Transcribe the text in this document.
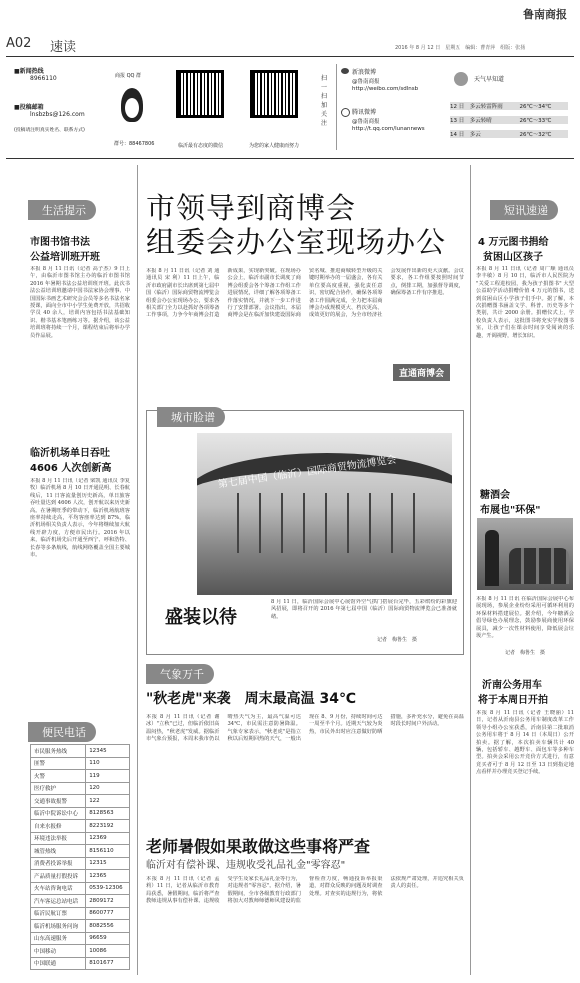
A02 速读
鲁南商报
2016 年 8 月 12 日　星期五　编辑：曹青萍　组版：张扬
■新闻热线
8966110
■投稿邮箱
lnsbzbs@126.com
(投稿请注明真实姓名、联系方式)
商报 QQ 群
群号：88467806	临沂最有态度的微信	为您的家人健康而努力
扫一扫 加关注
新浪微博
@鲁南商报
http://weibo.com/sdlnsb
腾讯微博
@鲁南商报
http://t.qq.com/lunannews
天气早知道
12 日 多云转雷阵雨	26℃～34℃
13 日 多云转晴	26℃～33℃
14 日 多云	26℃～32℃
生活提示
市图书馆书法
公益培训班开班
本报 8 月 11 日讯（记者 高子杰）9 日上午，由临沂市图书馆主办的临沂市图书馆 2016 年暑期书法公益培训班开班。此次书法公益培训班邀请中国书法家协会理事、中国国际书画艺术研究会会员等多名书法名家授课，面向全市中小学生免费开放，共招收学员 40 余人，培训内容包括书法基础知识、楷书基本笔画练习等。据介绍，该公益培训班将持续一个月，课程结束后将举办学员作品展。
临沂机场单日吞吐
4606 人次创新高
本报 8 月 11 日讯（记者 梁凯 通讯员 李复牧）临沂机场 8 月 10 日开通昆明、长春航线后，11 日客流量创历史新高，单日旅客吞吐量达到 4606 人次，创开航以来历史新高。在暑期旺季的带动下，临沂机场航班客座率持续走高，平均客座率达到 87%。临沂机场相关负责人表示，今年将继续加大航线开辟力度，方便市民出行。2016 年以来，临沂机场先后开通至西宁、呼和浩特、长春等多条航线，航线网络覆盖全国主要城市。
便民电话
市民服务热线	12345
匪警	110
火警	119
医疗救护	120
交通事故报警	122
临沂中院诉讼中心	8128563
自来水报修	8223192
环境违法举报	12369
城管热线	8156110
消费者投诉举报	12315
产品质量打假投诉	12365
火车站咨询电话	0539-12306
汽车客运总站电话	2809172
临沂民航订票	8600777
临沂机场服务问询	8082556
山东高速服务	96659
中国移动	10086
中国联通	8101677
市领导到商博会
组委会办公室现场办公
本报 8 月 11 日讯（记者 刘 通 通讯员 宋 利）11 日上午，临沂市政府副市长出席到第七届中国（临沂）国际商贸物流博览会组委会办公室现场办公，要求各相关部门全力以赴抓好各项筹备工作事项，力争今年商博会打造新成果，实现新突破。在现场办公会上，临沂市副市长调度了商博会组委会各个筹备工作组工作进展情况，详细了解各项筹备工作落实情况，并就下一步工作进行了安排部署。会议指出，本届商博会是在临沂加快建设国际商贸名城、推进商城转型升级的关键时期举办的一届盛会，各有关单位要高度重视，强化责任意识，密切配合协作，确保各项筹备工作圆满完成，全力把本届商博会办成规模更大、档次更高、成效更好的展会，为全市经济社会发展作出新的更大贡献。会议要求，各工作组要按照时间节点，倒排工期，加强督导调度，确保筹备工作有序推进。
直通商博会
城市脸谱
第七届中国（临沂）国际商贸物流博览会
盛装以待
8 月 11 日，临沂国际会展中心展馆外空气拱门搭展台完毕，五彩缤纷的彩旗迎风招展，即将召开的 2016 年第七届中国（临沂）国际商贸物流博览会已准备就绪。
记者　梅鲁生　摄
气象万千
"秋老虎"来袭　周末最高温 34℃
本报 8 月 11 日讯（记者 谢 冰）"立秋"已过，但临沂依旧高温闷热，"秋老虎"发威。据临沂市气象台预报，本周末我市仍以晴热天气为主，最高气温可达 34℃，市民需注意防暑降温。气象专家表示，"秋老虎"是指立秋以后短期回热的天气，一般出现在 8、9 月份，持续时间可达一周至半个月。近期天气较为炎热，市民外出时应注意做好防晒措施，多补充水分，避免在高温时段长时间户外活动。
老师暑假如果敢做这些事将严查
临沂对有偿补课、违规收受礼品礼金"零容忍"
本报 8 月 11 日讯（记者 孟 莉）11 日，记者从临沂市教育局获悉，暑假期间，临沂将严查教师违规从事有偿补课、违规收受学生及家长礼品礼金等行为，对违规者"零容忍"。据介绍，暑假期间，全市各级教育行政部门将加大对教师师德师风建设的监督检查力度，畅通投诉举报渠道，对群众反映的问题及时调查处理。对查实的违规行为，将依法依规严肃处理，并追究相关负责人的责任。
短讯速递
4 万元图书捐给
贫困山区孩子
本报 8 月 11 日讯（记者 周广顺 通讯员 李丰敏）8 月 10 日，临沂市人民医院为 "关爱工程进校园，我为孩子捐图书" 大型公益助学活动捐赠价值 4 万元的图书，送到贫困山区小学孩子们手中。据了解，本次捐赠图书涵盖文学、科普、历史等多个类别，共计 2000 余册。捐赠仪式上，学校负责人表示，这批图书将充实学校图书室，让孩子们在课余时间享受阅读的乐趣，开阔视野，增长知识。
糖酒会
布展也"环保"
本报 8 月 11 日讯 在临沂国际会展中心布展现场，参展企业纷纷采用可循环利用的环保材料搭建展位。据介绍，今年糖酒会倡导绿色办展理念，鼓励参展商使用环保展具，减少一次性材料使用，降低展会垃圾产生。
记者　梅鲁生　摄
沂南公务用车
将于本周日开拍
本报 8 月 11 日讯（记者 王晓丽）11 日，记者从沂南县公务用车制度改革工作领导小组办公室获悉，沂南县第二批取消公务用车将于 8 月 14 日（本周日）公开拍卖。据了解，本次拍卖车辆共计 40 辆，包括轿车、越野车、面包车等多种车型。拍卖会采用公开竞价方式进行，有意竞买者可于 8 月 12 日至 13 日到指定地点看样并办理竞买登记手续。
